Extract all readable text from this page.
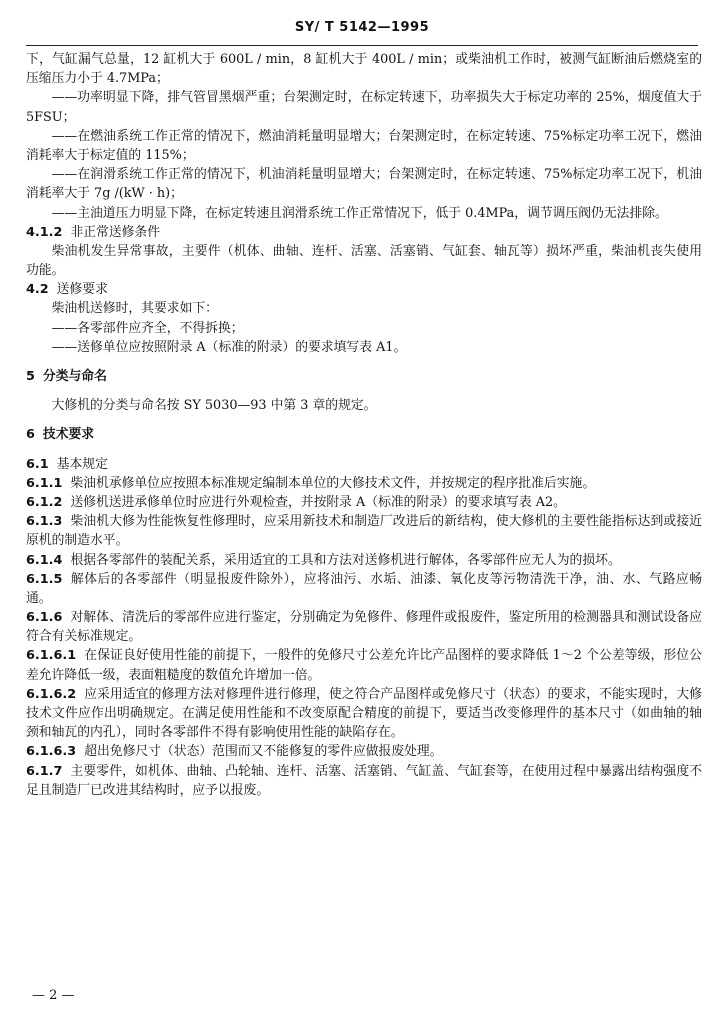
SY/ T 5142—1995

下，气缸漏气总量，12 缸机大于 600L / min，8 缸机大于 400L / min；或柴油机工作时，被测气缸断油后燃烧室的压缩压力小于 4.7MPa；

——功率明显下降，排气管冒黑烟严重；台架测定时，在标定转速下，功率损失大于标定功率的 25%，烟度值大于 5FSU；

——在燃油系统工作正常的情况下，燃油消耗量明显增大；台架测定时，在标定转速、75%标定功率工况下，燃油消耗率大于标定值的 115%；

——在润滑系统工作正常的情况下，机油消耗量明显增大；台架测定时，在标定转速、75%标定功率工况下，机油消耗率大于 7g /(kW · h)；

——主油道压力明显下降，在标定转速且润滑系统工作正常情况下，低于 0.4MPa，调节调压阀仍无法排除。

4.1.2 非正常送修条件

柴油机发生异常事故，主要件（机体、曲轴、连杆、活塞、活塞销、气缸套、轴瓦等）损坏严重，柴油机丧失使用功能。

4.2 送修要求

柴油机送修时，其要求如下：

——各零部件应齐全，不得拆换；

——送修单位应按照附录 A（标准的附录）的要求填写表 A1。

5 分类与命名

大修机的分类与命名按 SY 5030—93 中第 3 章的规定。

6 技术要求

6.1 基本规定

6.1.1 柴油机承修单位应按照本标准规定编制本单位的大修技术文件，并按规定的程序批准后实施。

6.1.2 送修机送进承修单位时应进行外观检查，并按附录 A（标准的附录）的要求填写表 A2。

6.1.3 柴油机大修为性能恢复性修理时，应采用新技术和制造厂改进后的新结构，使大修机的主要性能指标达到或接近原机的制造水平。

6.1.4 根据各零部件的装配关系，采用适宜的工具和方法对送修机进行解体，各零部件应无人为的损坏。

6.1.5 解体后的各零部件（明显报废件除外），应将油污、水垢、油漆、氧化皮等污物清洗干净，油、水、气路应畅通。

6.1.6 对解体、清洗后的零部件应进行鉴定，分别确定为免修件、修理件或报废件，鉴定所用的检测器具和测试设备应符合有关标准规定。

6.1.6.1 在保证良好使用性能的前提下，一般件的免修尺寸公差允许比产品图样的要求降低 1～2 个公差等级，形位公差允许降低一级，表面粗糙度的数值允许增加一倍。

6.1.6.2 应采用适宜的修理方法对修理件进行修理，使之符合产品图样或免修尺寸（状态）的要求，不能实现时，大修技术文件应作出明确规定。在满足使用性能和不改变原配合精度的前提下，要适当改变修理件的基本尺寸（如曲轴的轴颈和轴瓦的内孔），同时各零部件不得有影响使用性能的缺陷存在。

6.1.6.3 超出免修尺寸（状态）范围而又不能修复的零件应做报废处理。

6.1.7 主要零件，如机体、曲轴、凸轮轴、连杆、活塞、活塞销、气缸盖、气缸套等，在使用过程中暴露出结构强度不足且制造厂已改进其结构时，应予以报废。

— 2 —
